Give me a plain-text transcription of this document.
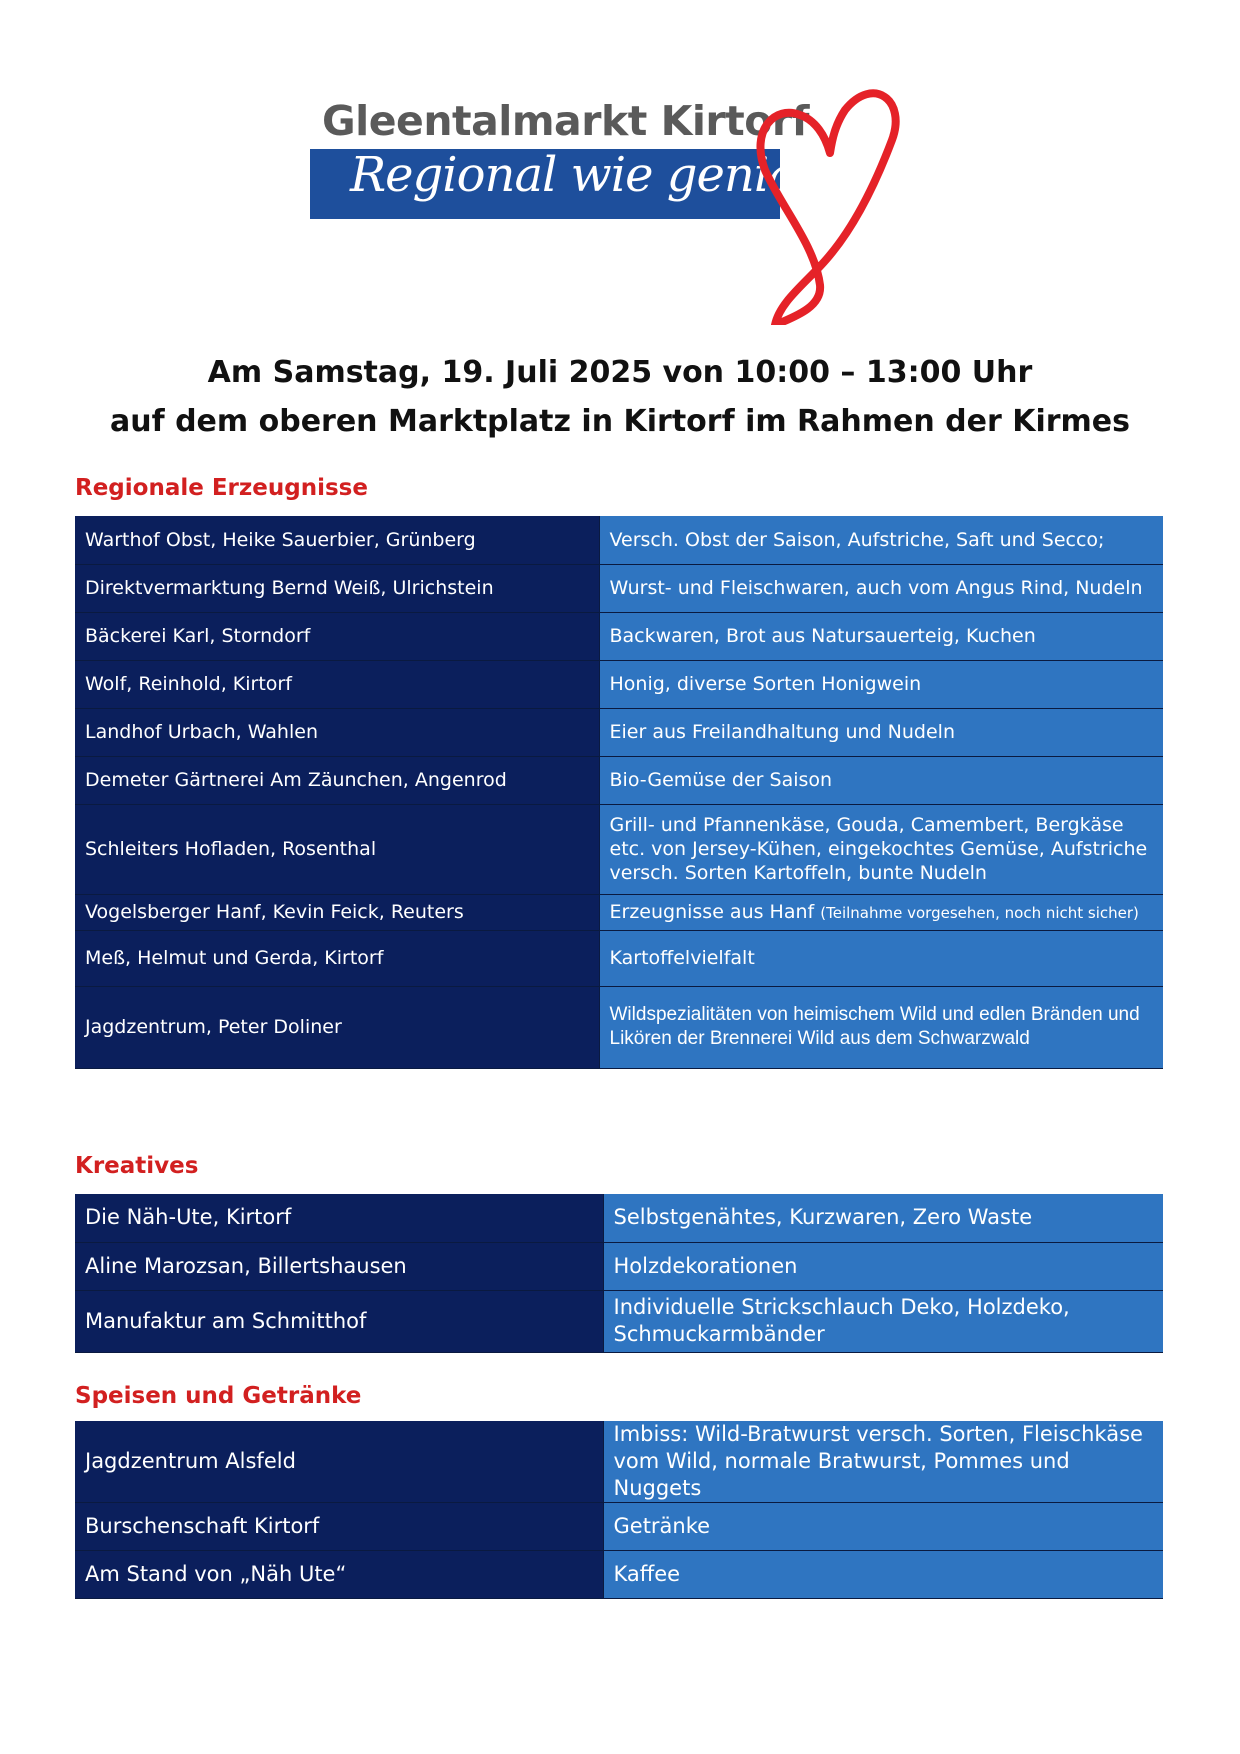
Gleentalmarkt Kirtorf
Regional wie genial
Am Samstag, 19. Juli 2025 von 10:00 – 13:00 Uhr
auf dem oberen Marktplatz in Kirtorf im Rahmen der Kirmes
Regionale Erzeugnisse
Warthof Obst, Heike Sauerbier, Grünberg	Versch. Obst der Saison, Aufstriche, Saft und Secco;
Direktvermarktung Bernd Weiß, Ulrichstein	Wurst- und Fleischwaren, auch vom Angus Rind, Nudeln
Bäckerei Karl, Storndorf	Backwaren, Brot aus Natursauerteig, Kuchen
Wolf, Reinhold, Kirtorf	Honig, diverse Sorten Honigwein
Landhof Urbach, Wahlen	Eier aus Freilandhaltung und Nudeln
Demeter Gärtnerei Am Zäunchen, Angenrod	Bio-Gemüse der Saison
Schleiters Hofladen, Rosenthal	Grill- und Pfannenkäse, Gouda, Camembert, Bergkäse etc. von Jersey-Kühen, eingekochtes Gemüse, Aufstriche versch. Sorten Kartoffeln, bunte Nudeln
Vogelsberger Hanf, Kevin Feick, Reuters	Erzeugnisse aus Hanf (Teilnahme vorgesehen, noch nicht sicher)
Meß, Helmut und Gerda, Kirtorf	Kartoffelvielfalt
Jagdzentrum, Peter Doliner	Wildspezialitäten von heimischem Wild und edlen Bränden und Likören der Brennerei Wild aus dem Schwarzwald
Kreatives
Die Näh-Ute, Kirtorf	Selbstgenähtes, Kurzwaren, Zero Waste
Aline Marozsan, Billertshausen	Holzdekorationen
Manufaktur am Schmitthof	Individuelle Strickschlauch Deko, Holzdeko, Schmuckarmbänder
Speisen und Getränke
Jagdzentrum Alsfeld	Imbiss: Wild-Bratwurst versch. Sorten, Fleischkäse vom Wild, normale Bratwurst, Pommes und Nuggets
Burschenschaft Kirtorf	Getränke
Am Stand von „Näh Ute“	Kaffee
